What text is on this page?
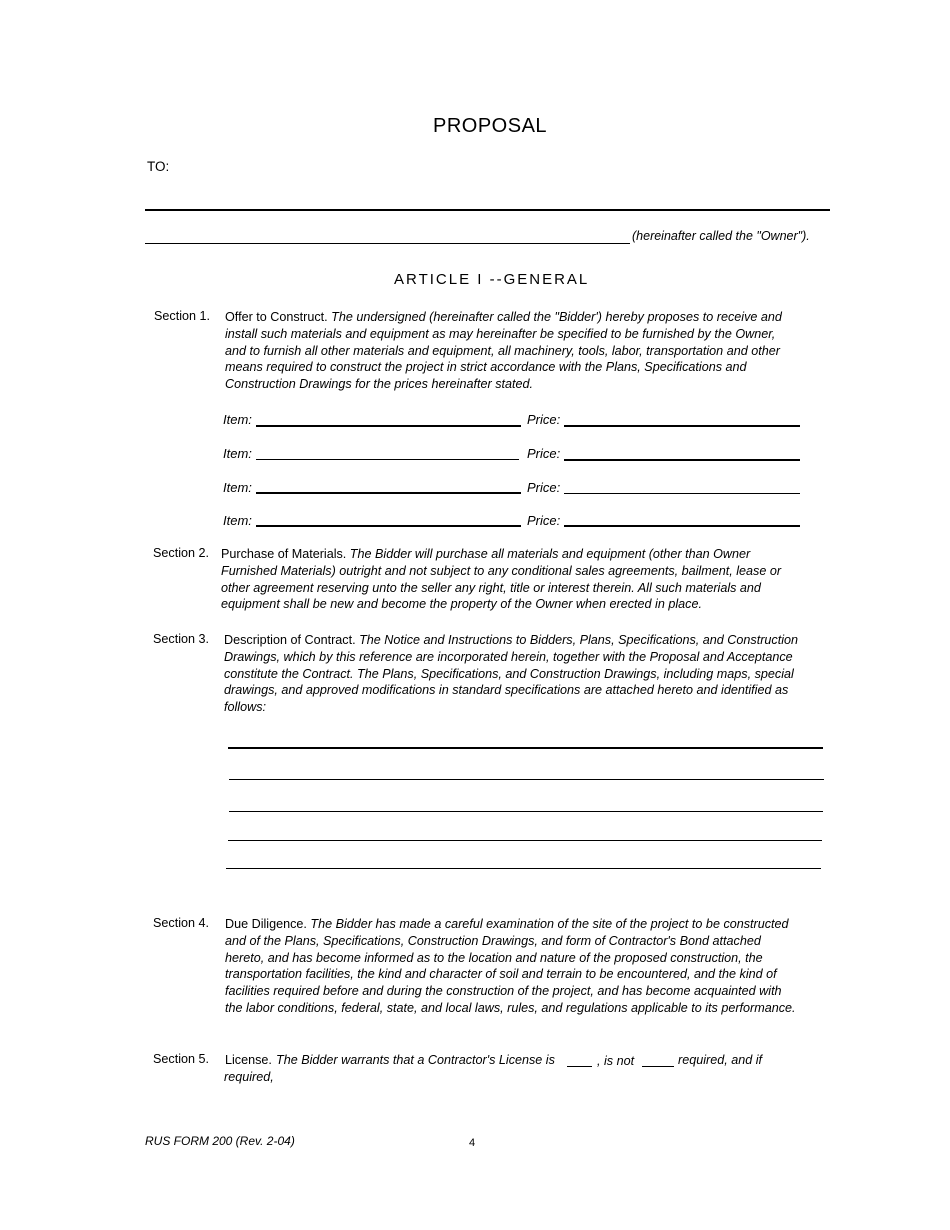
PROPOSAL
TO:
(hereinafter called the "Owner").
ARTICLE I --GENERAL
Section 1. Offer to Construct. The undersigned (hereinafter called the "Bidder') hereby proposes to receive and install such materials and equipment as may hereinafter be specified to be furnished by the Owner, and to furnish all other materials and equipment, all machinery, tools, labor, transportation and other means required to construct the project in strict accordance with the Plans, Specifications and Construction Drawings for the prices hereinafter stated.
Item:	Price:
Item:	Price:
Item:	Price:
Item:	Price:
Section 2. Purchase of Materials. The Bidder will purchase all materials and equipment (other than Owner Furnished Materials) outright and not subject to any conditional sales agreements, bailment, lease or other agreement reserving unto the seller any right, title or interest therein. All such materials and equipment shall be new and become the property of the Owner when erected in place.
Section 3. Description of Contract. The Notice and Instructions to Bidders, Plans, Specifications, and Construction Drawings, which by this reference are incorporated herein, together with the Proposal and Acceptance constitute the Contract. The Plans, Specifications, and Construction Drawings, including maps, special drawings, and approved modifications in standard specifications are attached hereto and identified as follows:
Section 4. Due Diligence. The Bidder has made a careful examination of the site of the project to be constructed and of the Plans, Specifications, Construction Drawings, and form of Contractor's Bond attached hereto, and has become informed as to the location and nature of the proposed construction, the transportation facilities, the kind and character of soil and terrain to be encountered, and the kind of facilities required before and during the construction of the project, and has become acquainted with the labor conditions, federal, state, and local laws, rules, and regulations applicable to its performance.
Section 5. License. The Bidder warrants that a Contractor's License is	, is not	required, and if
required,
RUS FORM 200 (Rev. 2-04)	4
